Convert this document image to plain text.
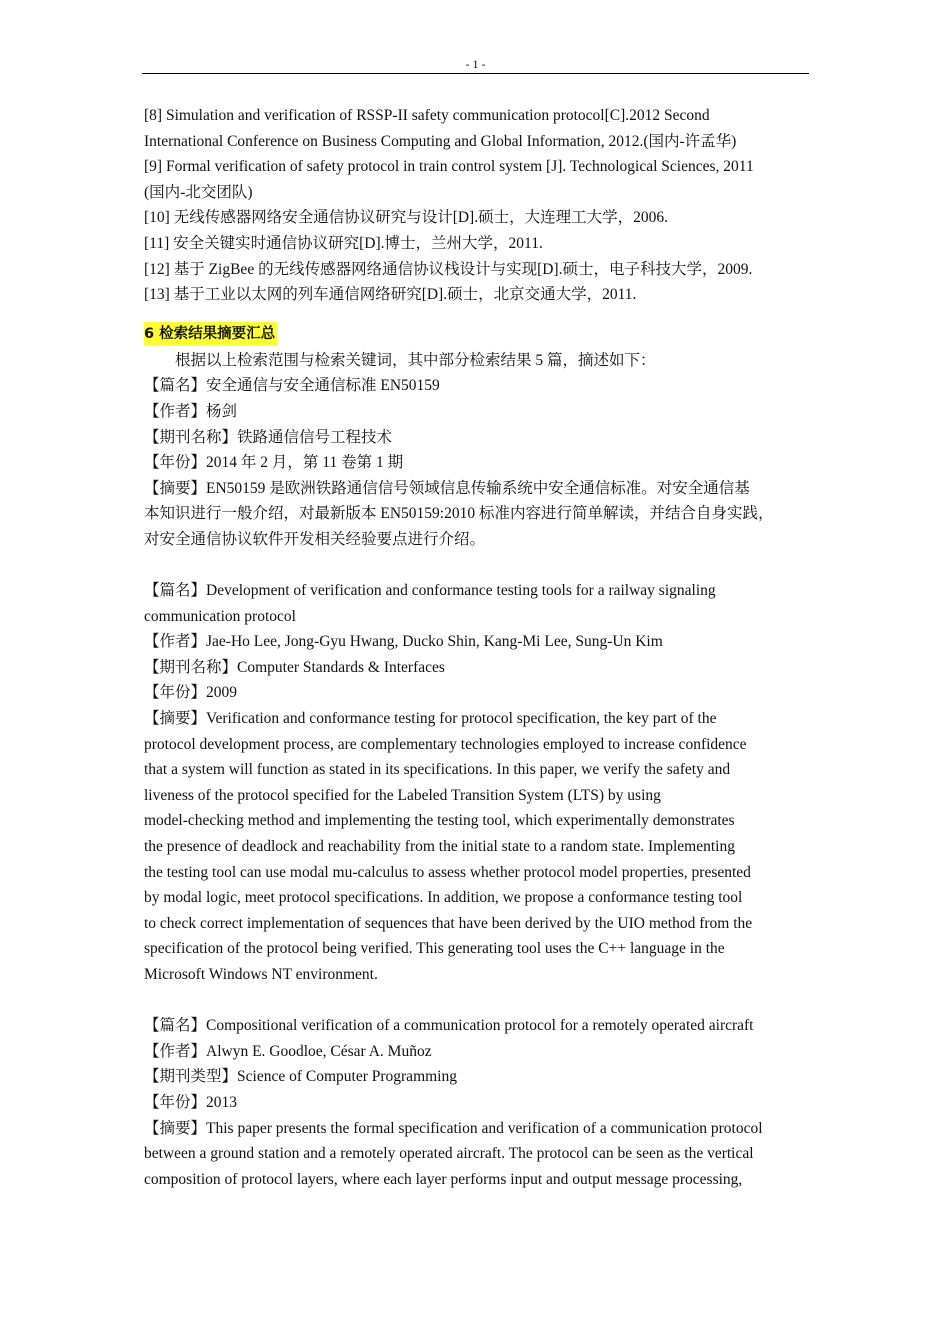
- 1 -
[8] Simulation and verification of RSSP-II safety communication protocol[C].2012 Second
International Conference on Business Computing and Global Information, 2012.(国内-许孟华)
[9] Formal verification of safety protocol in train control system [J]. Technological Sciences, 2011
(国内-北交团队)
[10] 无线传感器网络安全通信协议研究与设计[D].硕士，大连理工大学，2006.
[11] 安全关键实时通信协议研究[D].博士，兰州大学，2011.
[12] 基于 ZigBee 的无线传感器网络通信协议栈设计与实现[D].硕士，电子科技大学，2009.
[13] 基于工业以太网的列车通信网络研究[D].硕士，北京交通大学，2011.
6 检索结果摘要汇总
根据以上检索范围与检索关键词，其中部分检索结果 5 篇，摘述如下：
【篇名】安全通信与安全通信标准 EN50159
【作者】杨剑
【期刊名称】铁路通信信号工程技术
【年份】2014 年 2 月，第 11 卷第 1 期
【摘要】EN50159 是欧洲铁路通信信号领域信息传输系统中安全通信标准。对安全通信基
本知识进行一般介绍，对最新版本 EN50159:2010 标准内容进行简单解读，并结合自身实践，
对安全通信协议软件开发相关经验要点进行介绍。
【篇名】Development of verification and conformance testing tools for a railway signaling
communication protocol
【作者】Jae-Ho Lee, Jong-Gyu Hwang, Ducko Shin, Kang-Mi Lee, Sung-Un Kim
【期刊名称】Computer Standards & Interfaces
【年份】2009
【摘要】Verification and conformance testing for protocol specification, the key part of the
protocol development process, are complementary technologies employed to increase confidence
that a system will function as stated in its specifications. In this paper, we verify the safety and
liveness of the protocol specified for the Labeled Transition System (LTS) by using
model-checking method and implementing the testing tool, which experimentally demonstrates
the presence of deadlock and reachability from the initial state to a random state. Implementing
the testing tool can use modal mu-calculus to assess whether protocol model properties, presented
by modal logic, meet protocol specifications. In addition, we propose a conformance testing tool
to check correct implementation of sequences that have been derived by the UIO method from the
specification of the protocol being verified. This generating tool uses the C++ language in the
Microsoft Windows NT environment.
【篇名】Compositional verification of a communication protocol for a remotely operated aircraft
【作者】Alwyn E. Goodloe, César A. Muñoz
【期刊类型】Science of Computer Programming
【年份】2013
【摘要】This paper presents the formal specification and verification of a communication protocol
between a ground station and a remotely operated aircraft. The protocol can be seen as the vertical
composition of protocol layers, where each layer performs input and output message processing,
